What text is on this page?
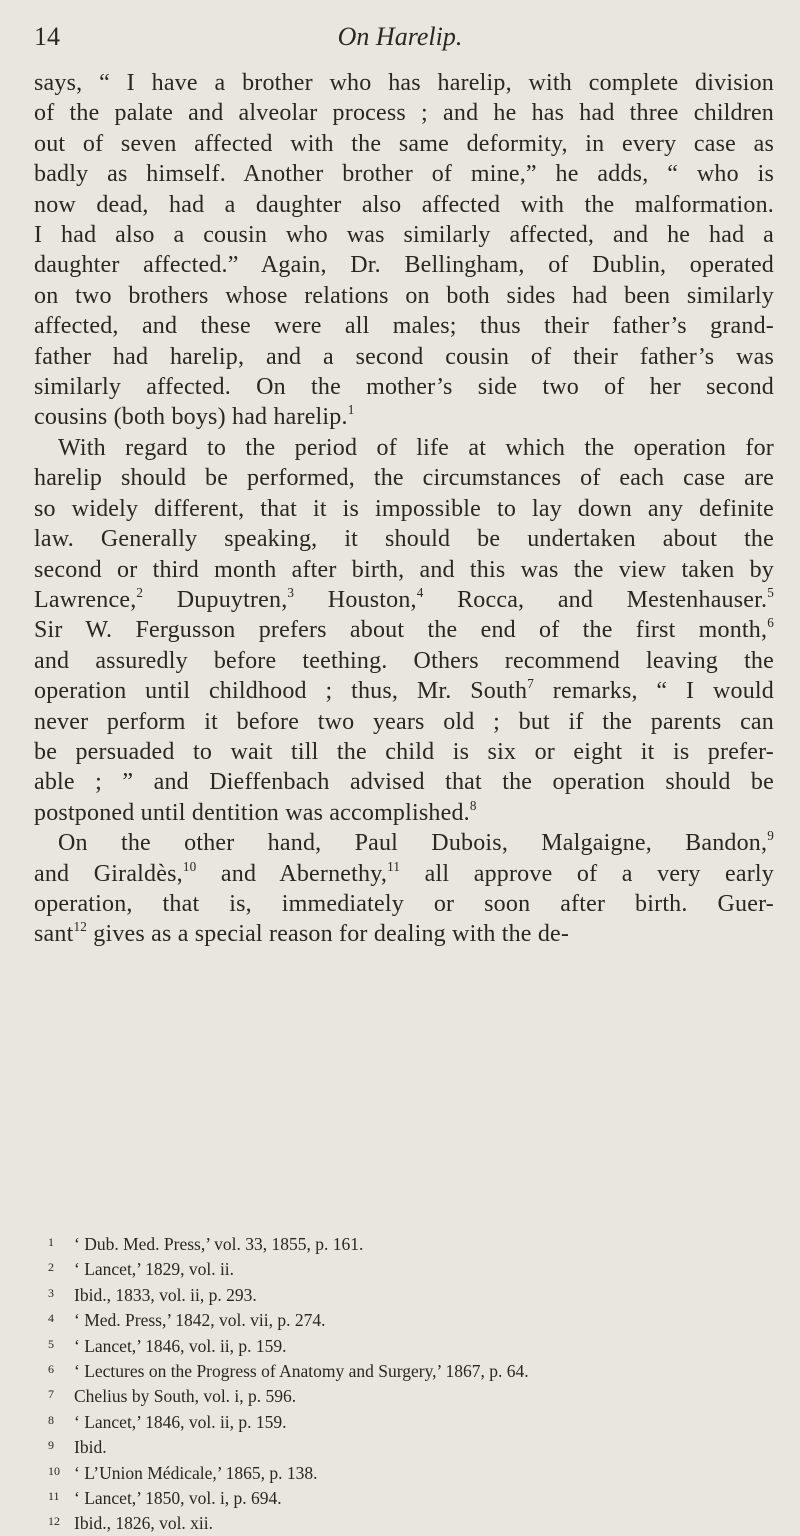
14	On Harelip.
says, “ I have a brother who has harelip, with complete division
of the palate and alveolar process ; and he has had three children
out of seven affected with the same deformity, in every case as
badly as himself. Another brother of mine,” he adds, “ who is
now dead, had a daughter also affected with the malformation.
I had also a cousin who was similarly affected, and he had a
daughter affected.” Again, Dr. Bellingham, of Dublin, operated
on two brothers whose relations on both sides had been similarly
affected, and these were all males; thus their father’s grand-
father had harelip, and a second cousin of their father’s was
similarly affected. On the mother’s side two of her second
cousins (both boys) had harelip.$^1$
With regard to the period of life at which the operation for
harelip should be performed, the circumstances of each case are
so widely different, that it is impossible to lay down any definite
law. Generally speaking, it should be undertaken about the
second or third month after birth, and this was the view taken by
Lawrence,$^2$ Dupuytren,$^3$ Houston,$^4$ Rocca, and Mestenhauser.$^5$
Sir W. Fergusson prefers about the end of the first month,$^6$
and assuredly before teething. Others recommend leaving the
operation until childhood ; thus, Mr. South$^7$ remarks, “ I would
never perform it before two years old ; but if the parents can
be persuaded to wait till the child is six or eight it is prefer-
able ; ” and Dieffenbach advised that the operation should be
postponed until dentition was accomplished.$^8$
On the other hand, Paul Dubois, Malgaigne, Bandon,$^9$
and Giraldès,$^{10}$ and Abernethy,$^{11}$ all approve of a very early
operation, that is, immediately or soon after birth. Guer-
sant$^{12}$ gives as a special reason for dealing with the de-
1 ‘ Dub. Med. Press,’ vol. 33, 1855, p. 161.
2 ‘ Lancet,’ 1829, vol. ii.
3 Ibid., 1833, vol. ii, p. 293.
4 ‘ Med. Press,’ 1842, vol. vii, p. 274.
5 ‘ Lancet,’ 1846, vol. ii, p. 159.
6 ‘ Lectures on the Progress of Anatomy and Surgery,’ 1867, p. 64.
7 Chelius by South, vol. i, p. 596.
8 ‘ Lancet,’ 1846, vol. ii, p. 159.
9 Ibid.
10 ‘ L’Union Médicale,’ 1865, p. 138.
11 ‘ Lancet,’ 1850, vol. i, p. 694.
12 Ibid., 1826, vol. xii.
